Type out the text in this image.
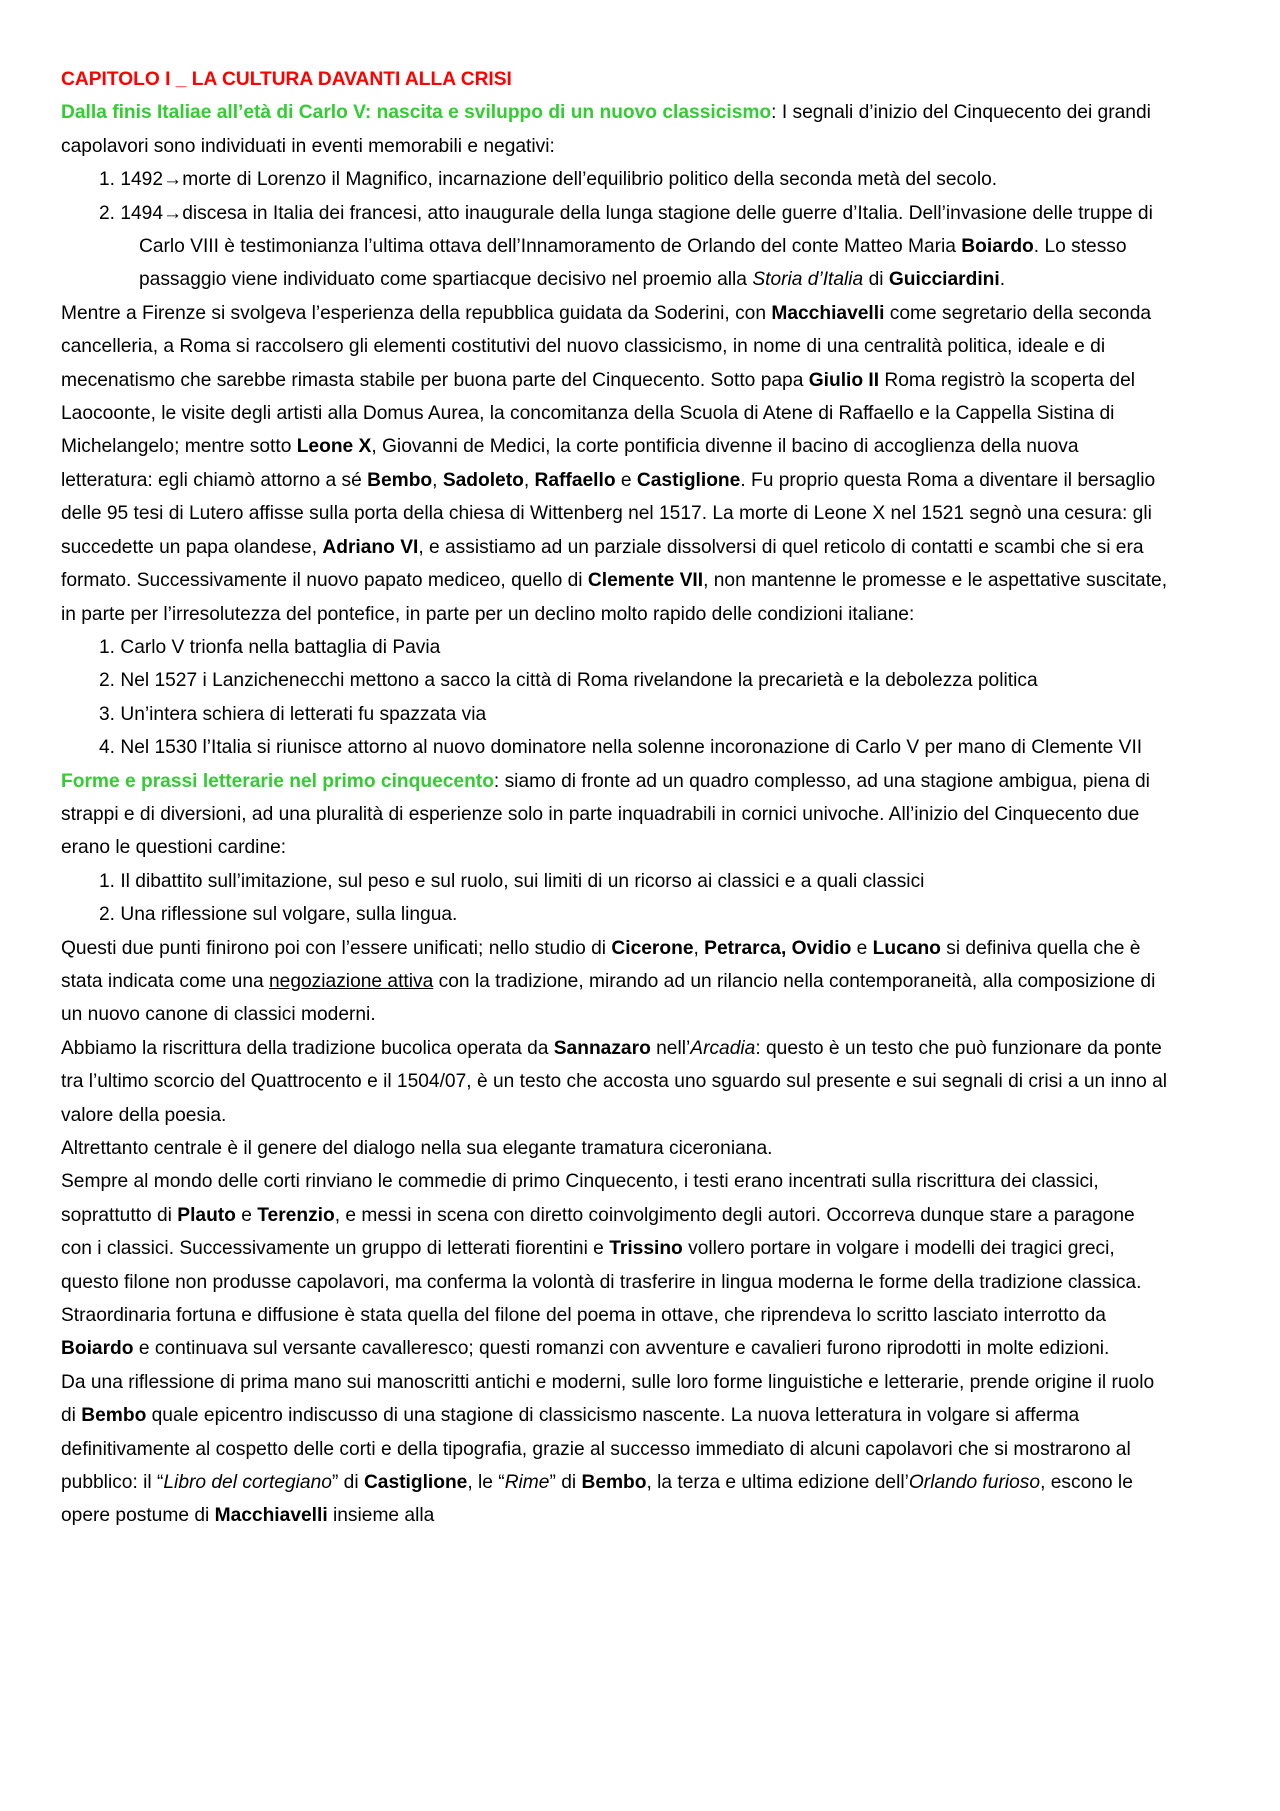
CAPITOLO I _ LA CULTURA DAVANTI ALLA CRISI

Dalla finis Italiae all’età di Carlo V: nascita e sviluppo di un nuovo classicismo: I segnali d’inizio del Cinquecento dei grandi capolavori sono individuati in eventi memorabili e negativi:

1. 1492→morte di Lorenzo il Magnifico, incarnazione dell’equilibrio politico della seconda metà del secolo.
2. 1494→discesa in Italia dei francesi, atto inaugurale della lunga stagione delle guerre d’Italia. Dell’invasione delle truppe di Carlo VIII è testimonianza l’ultima ottava dell’Innamoramento de Orlando del conte Matteo Maria Boiardo. Lo stesso passaggio viene individuato come spartiacque decisivo nel proemio alla Storia d’Italia di Guicciardini.

Mentre a Firenze si svolgeva l’esperienza della repubblica guidata da Soderini, con Macchiavelli come segretario della seconda cancelleria, a Roma si raccolsero gli elementi costitutivi del nuovo classicismo, in nome di una centralità politica, ideale e di mecenatismo che sarebbe rimasta stabile per buona parte del Cinquecento. Sotto papa Giulio II Roma registrò la scoperta del Laocoonte, le visite degli artisti alla Domus Aurea, la concomitanza della Scuola di Atene di Raffaello e la Cappella Sistina di Michelangelo; mentre sotto Leone X, Giovanni de Medici, la corte pontificia divenne il bacino di accoglienza della nuova letteratura: egli chiamò attorno a sé Bembo, Sadoleto, Raffaello e Castiglione. Fu proprio questa Roma a diventare il bersaglio delle 95 tesi di Lutero affisse sulla porta della chiesa di Wittenberg nel 1517. La morte di Leone X nel 1521 segnò una cesura: gli succedette un papa olandese, Adriano VI, e assistiamo ad un parziale dissolversi di quel reticolo di contatti e scambi che si era formato. Successivamente il nuovo papato mediceo, quello di Clemente VII, non mantenne le promesse e le aspettative suscitate, in parte per l’irresolutezza del pontefice, in parte per un declino molto rapido delle condizioni italiane:

1. Carlo V trionfa nella battaglia di Pavia
2. Nel 1527 i Lanzichenecchi mettono a sacco la città di Roma rivelandone la precarietà e la debolezza politica
3. Un’intera schiera di letterati fu spazzata via
4. Nel 1530 l’Italia si riunisce attorno al nuovo dominatore nella solenne incoronazione di Carlo V per mano di Clemente VII

Forme e prassi letterarie nel primo cinquecento: siamo di fronte ad un quadro complesso, ad una stagione ambigua, piena di strappi e di diversioni, ad una pluralità di esperienze solo in parte inquadrabili in cornici univoche. All’inizio del Cinquecento due erano le questioni cardine:

1. Il dibattito sull’imitazione, sul peso e sul ruolo, sui limiti di un ricorso ai classici e a quali classici
2. Una riflessione sul volgare, sulla lingua.

Questi due punti finirono poi con l’essere unificati; nello studio di Cicerone, Petrarca, Ovidio e Lucano si definiva quella che è stata indicata come una negoziazione attiva con la tradizione, mirando ad un rilancio nella contemporaneità, alla composizione di un nuovo canone di classici moderni.

Abbiamo la riscrittura della tradizione bucolica operata da Sannazaro nell’Arcadia: questo è un testo che può funzionare da ponte tra l’ultimo scorcio del Quattrocento e il 1504/07, è un testo che accosta uno sguardo sul presente e sui segnali di crisi a un inno al valore della poesia.

Altrettanto centrale è il genere del dialogo nella sua elegante tramatura ciceroniana.

Sempre al mondo delle corti rinviano le commedie di primo Cinquecento, i testi erano incentrati sulla riscrittura dei classici, soprattutto di Plauto e Terenzio, e messi in scena con diretto coinvolgimento degli autori. Occorreva dunque stare a paragone con i classici. Successivamente un gruppo di letterati fiorentini e Trissino vollero portare in volgare i modelli dei tragici greci, questo filone non produsse capolavori, ma conferma la volontà di trasferire in lingua moderna le forme della tradizione classica. Straordinaria fortuna e diffusione è stata quella del filone del poema in ottave, che riprendeva lo scritto lasciato interrotto da Boiardo e continuava sul versante cavalleresco; questi romanzi con avventure e cavalieri furono riprodotti in molte edizioni.

Da una riflessione di prima mano sui manoscritti antichi e moderni, sulle loro forme linguistiche e letterarie, prende origine il ruolo di Bembo quale epicentro indiscusso di una stagione di classicismo nascente. La nuova letteratura in volgare si afferma definitivamente al cospetto delle corti e della tipografia, grazie al successo immediato di alcuni capolavori che si mostrarono al pubblico: il “Libro del cortegiano” di Castiglione, le “Rime” di Bembo, la terza e ultima edizione dell’Orlando furioso, escono le opere postume di Macchiavelli insieme alla
